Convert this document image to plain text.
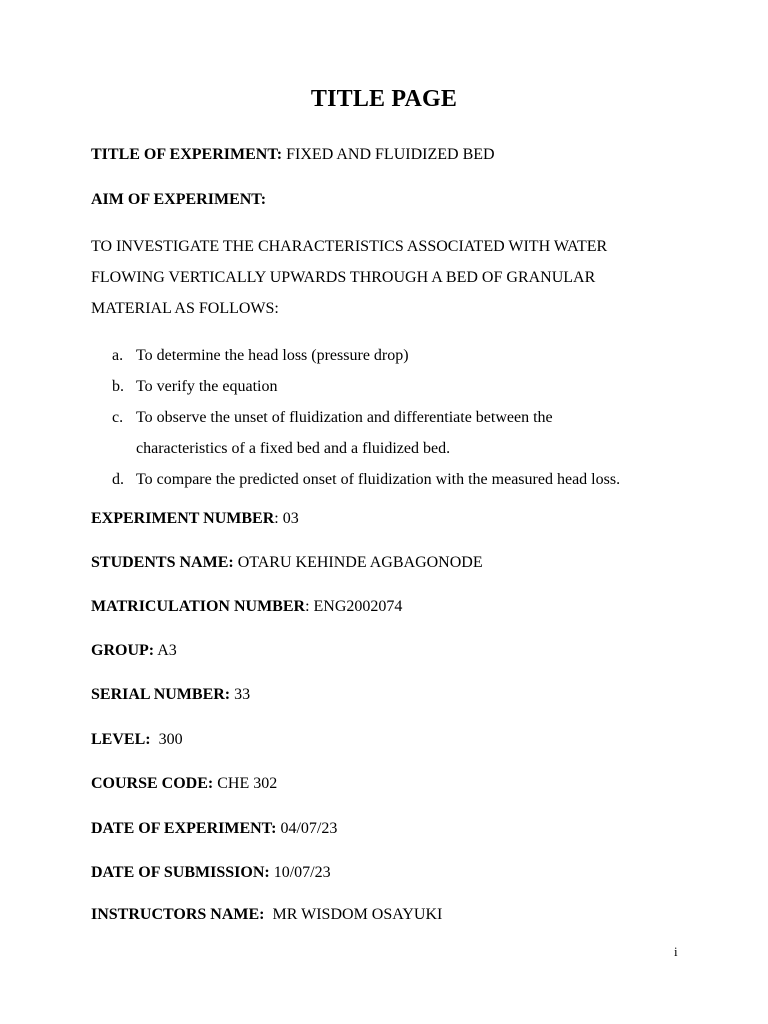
TITLE PAGE

TITLE OF EXPERIMENT: FIXED AND FLUIDIZED BED

AIM OF EXPERIMENT:

TO INVESTIGATE THE CHARACTERISTICS ASSOCIATED WITH WATER
FLOWING VERTICALLY UPWARDS THROUGH A BED OF GRANULAR
MATERIAL AS FOLLOWS:

a. To determine the head loss (pressure drop)
b. To verify the equation
c. To observe the unset of fluidization and differentiate between the
characteristics of a fixed bed and a fluidized bed.
d. To compare the predicted onset of fluidization with the measured head loss.

EXPERIMENT NUMBER: 03

STUDENTS NAME: OTARU KEHINDE AGBAGONODE

MATRICULATION NUMBER: ENG2002074

GROUP: A3

SERIAL NUMBER: 33

LEVEL:  300

COURSE CODE: CHE 302

DATE OF EXPERIMENT: 04/07/23

DATE OF SUBMISSION: 10/07/23

INSTRUCTORS NAME:  MR WISDOM OSAYUKI

i
